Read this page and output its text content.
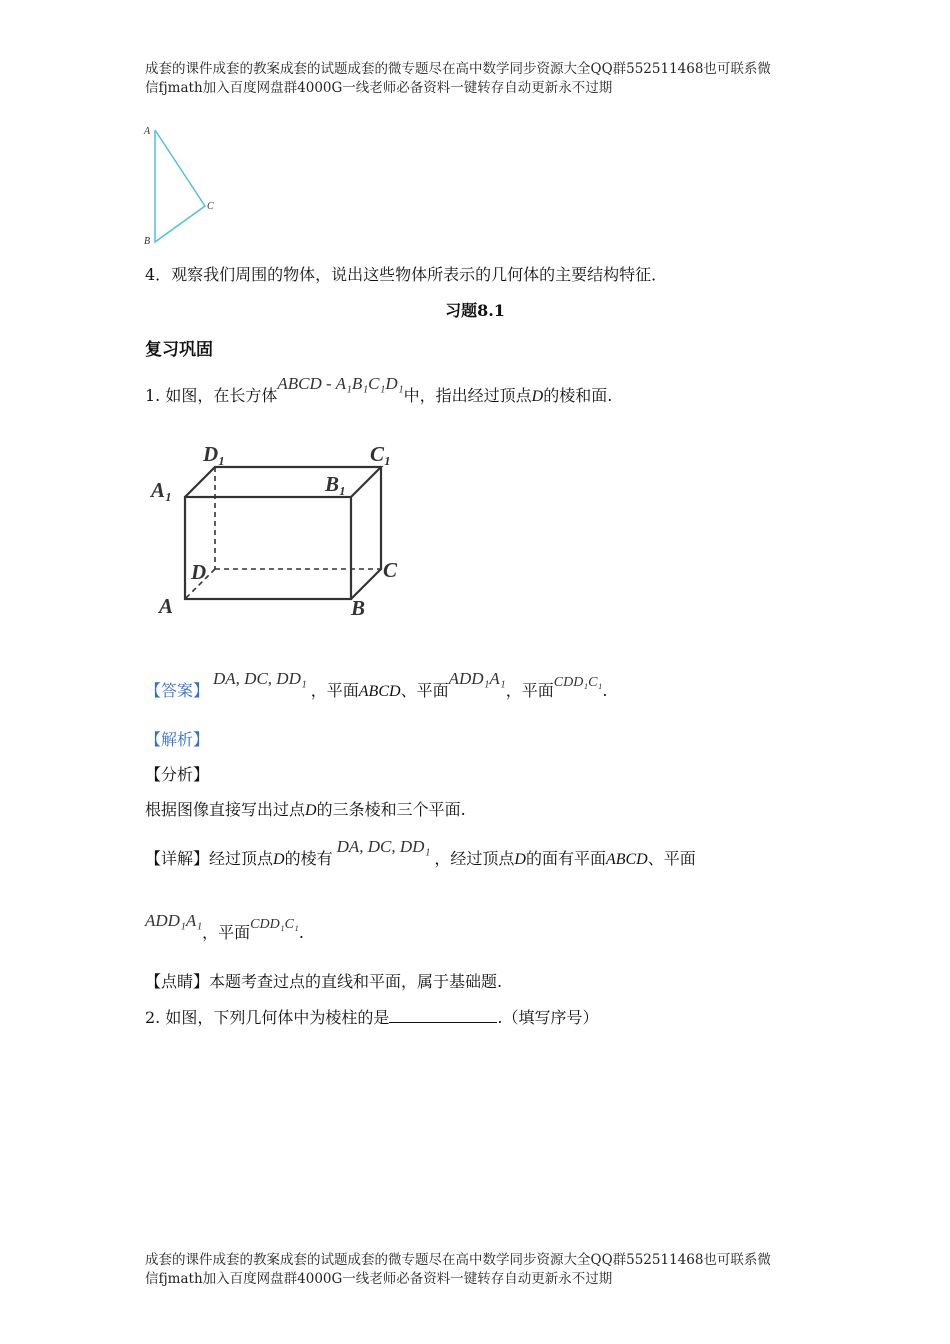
成套的课件成套的教案成套的试题成套的微专题尽在高中数学同步资源大全QQ群552511468也可联系微
信fjmath加入百度网盘群4000G一线老师必备资料一键转存自动更新永不过期
A
C
B
4．观察我们周围的物体，说出这些物体所表示的几何体的主要结构特征．
习题8.1
复习巩固
1. 如图，在长方体ABCD - A₁B₁C₁D₁中，指出经过顶点D的棱和面.
D₁	C₁
A₁	B₁
D	C
A	B
【答案】DA, DC, DD₁，平面ABCD、平面ADD₁A₁，平面CDD₁C₁.
【解析】
【分析】
根据图像直接写出过点D的三条棱和三个平面.
【详解】经过顶点D的棱有DA, DC, DD₁，经过顶点D的面有平面ABCD、平面
ADD₁A₁，平面CDD₁C₁.
【点睛】本题考查过点的直线和平面，属于基础题.
2. 如图，下列几何体中为棱柱的是	.（填写序号）
成套的课件成套的教案成套的试题成套的微专题尽在高中数学同步资源大全QQ群552511468也可联系微
信fjmath加入百度网盘群4000G一线老师必备资料一键转存自动更新永不过期
